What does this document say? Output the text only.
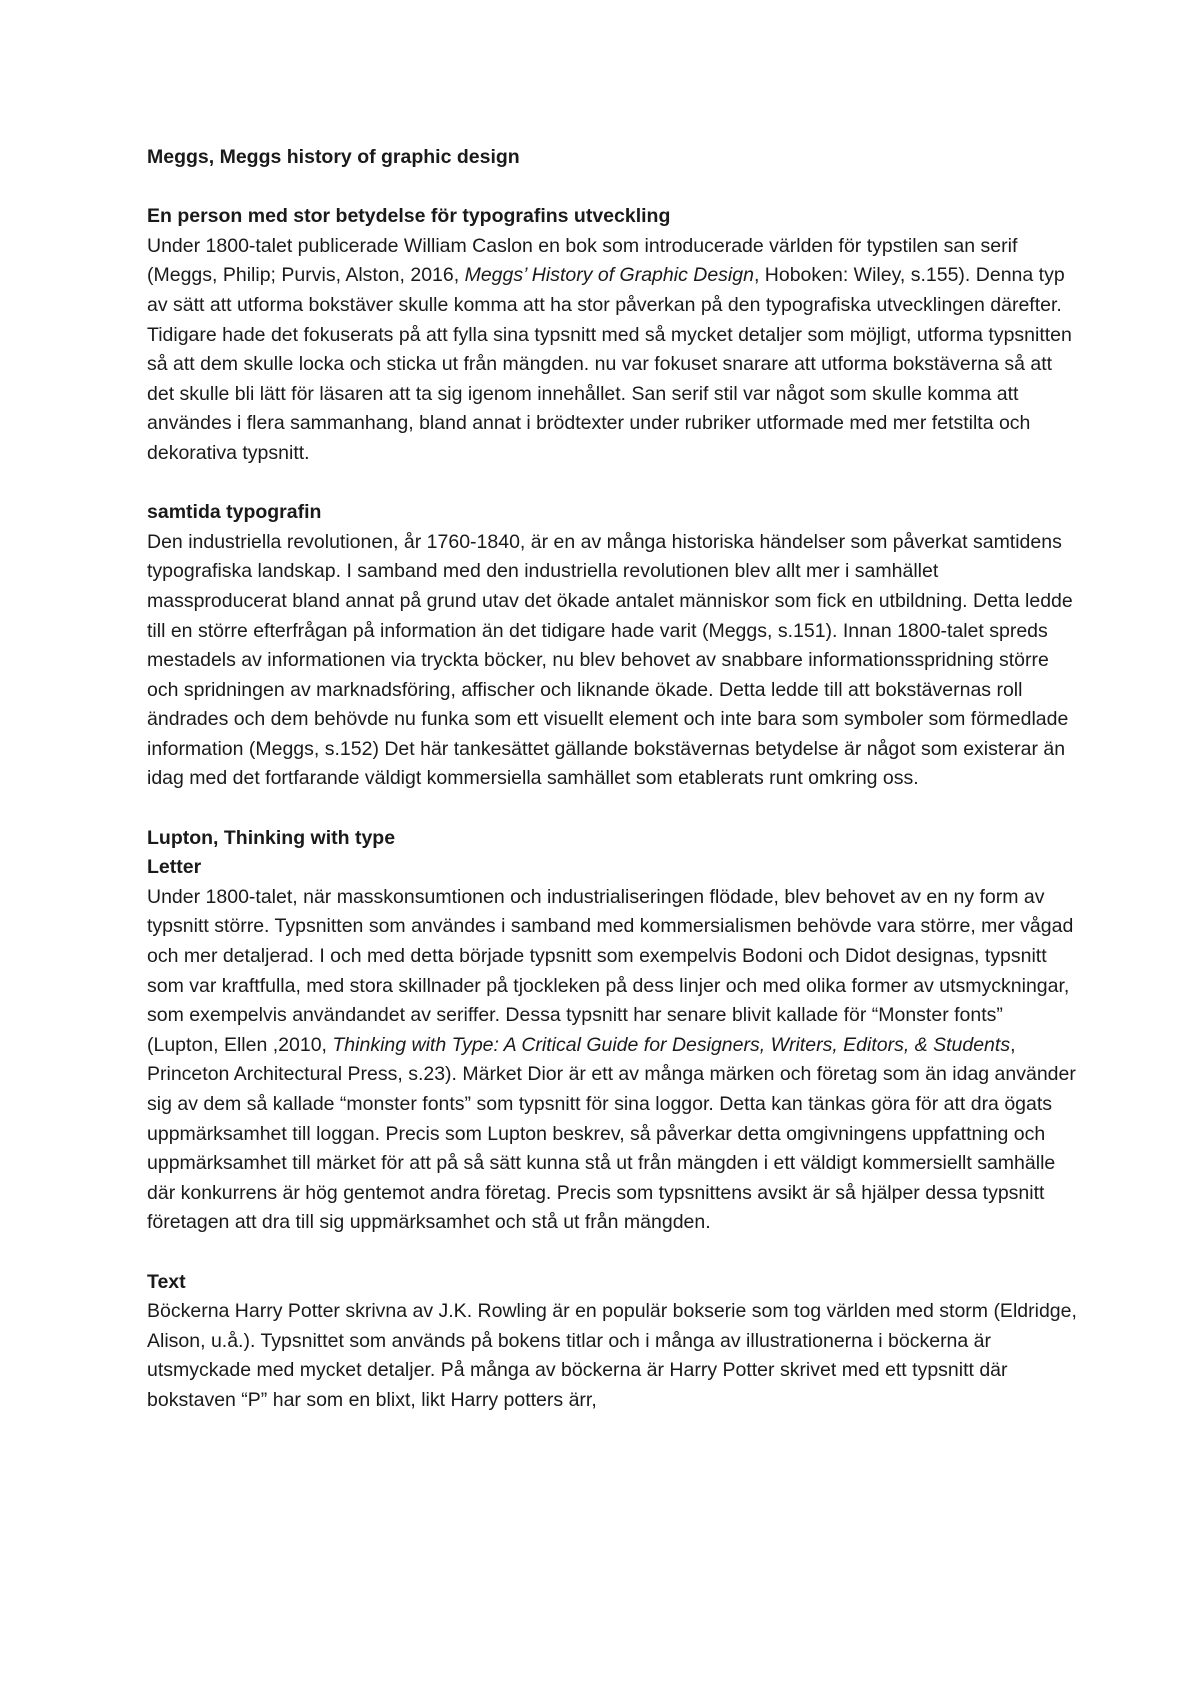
Meggs, Meggs history of graphic design

En person med stor betydelse för typografins utveckling

Under 1800-talet publicerade William Caslon en bok som introducerade världen för typstilen san serif (Meggs, Philip; Purvis, Alston, 2016, Meggs’ History of Graphic Design, Hoboken: Wiley, s.155). Denna typ av sätt att utforma bokstäver skulle komma att ha stor påverkan på den typografiska utvecklingen därefter. Tidigare hade det fokuserats på att fylla sina typsnitt med så mycket detaljer som möjligt, utforma typsnitten så att dem skulle locka och sticka ut från mängden. nu var fokuset snarare att utforma bokstäverna så att det skulle bli lätt för läsaren att ta sig igenom innehållet. San serif stil var något som skulle komma att användes i flera sammanhang, bland annat i brödtexter under rubriker utformade med mer fetstilta och dekorativa typsnitt.

samtida typografin

Den industriella revolutionen, år 1760-1840, är en av många historiska händelser som påverkat samtidens typografiska landskap. I samband med den industriella revolutionen blev allt mer i samhället massproducerat bland annat på grund utav det ökade antalet människor som fick en utbildning. Detta ledde till en större efterfrågan på information än det tidigare hade varit (Meggs, s.151). Innan 1800-talet spreds mestadels av informationen via tryckta böcker, nu blev behovet av snabbare informationsspridning större och spridningen av marknadsföring, affischer och liknande ökade. Detta ledde till att bokstävernas roll ändrades och dem behövde nu funka som ett visuellt element och inte bara som symboler som förmedlade information (Meggs, s.152) Det här tankesättet gällande bokstävernas betydelse är något som existerar än idag med det fortfarande väldigt kommersiella samhället som etablerats runt omkring oss.

Lupton, Thinking with type

Letter

Under 1800-talet, när masskonsumtionen och industrialiseringen flödade, blev behovet av en ny form av typsnitt större. Typsnitten som användes i samband med kommersialismen behövde vara större, mer vågad och mer detaljerad. I och med detta började typsnitt som exempelvis Bodoni och Didot designas, typsnitt som var kraftfulla, med stora skillnader på tjockleken på dess linjer och med olika former av utsmyckningar, som exempelvis användandet av seriffer. Dessa typsnitt har senare blivit kallade för “Monster fonts” (Lupton, Ellen ,2010, Thinking with Type: A Critical Guide for Designers, Writers, Editors, & Students, Princeton Architectural Press, s.23). Märket Dior är ett av många märken och företag som än idag använder sig av dem så kallade “monster fonts” som typsnitt för sina loggor. Detta kan tänkas göra för att dra ögats uppmärksamhet till loggan. Precis som Lupton beskrev, så påverkar detta omgivningens uppfattning och uppmärksamhet till märket för att på så sätt kunna stå ut från mängden i ett väldigt kommersiellt samhälle där konkurrens är hög gentemot andra företag. Precis som typsnittens avsikt är så hjälper dessa typsnitt företagen att dra till sig uppmärksamhet och stå ut från mängden.

Text

Böckerna Harry Potter skrivna av J.K. Rowling är en populär bokserie som tog världen med storm (Eldridge, Alison, u.å.). Typsnittet som används på bokens titlar och i många av illustrationerna i böckerna är utsmyckade med mycket detaljer. På många av böckerna är Harry Potter skrivet med ett typsnitt där bokstaven “P” har som en blixt, likt Harry potters ärr,
